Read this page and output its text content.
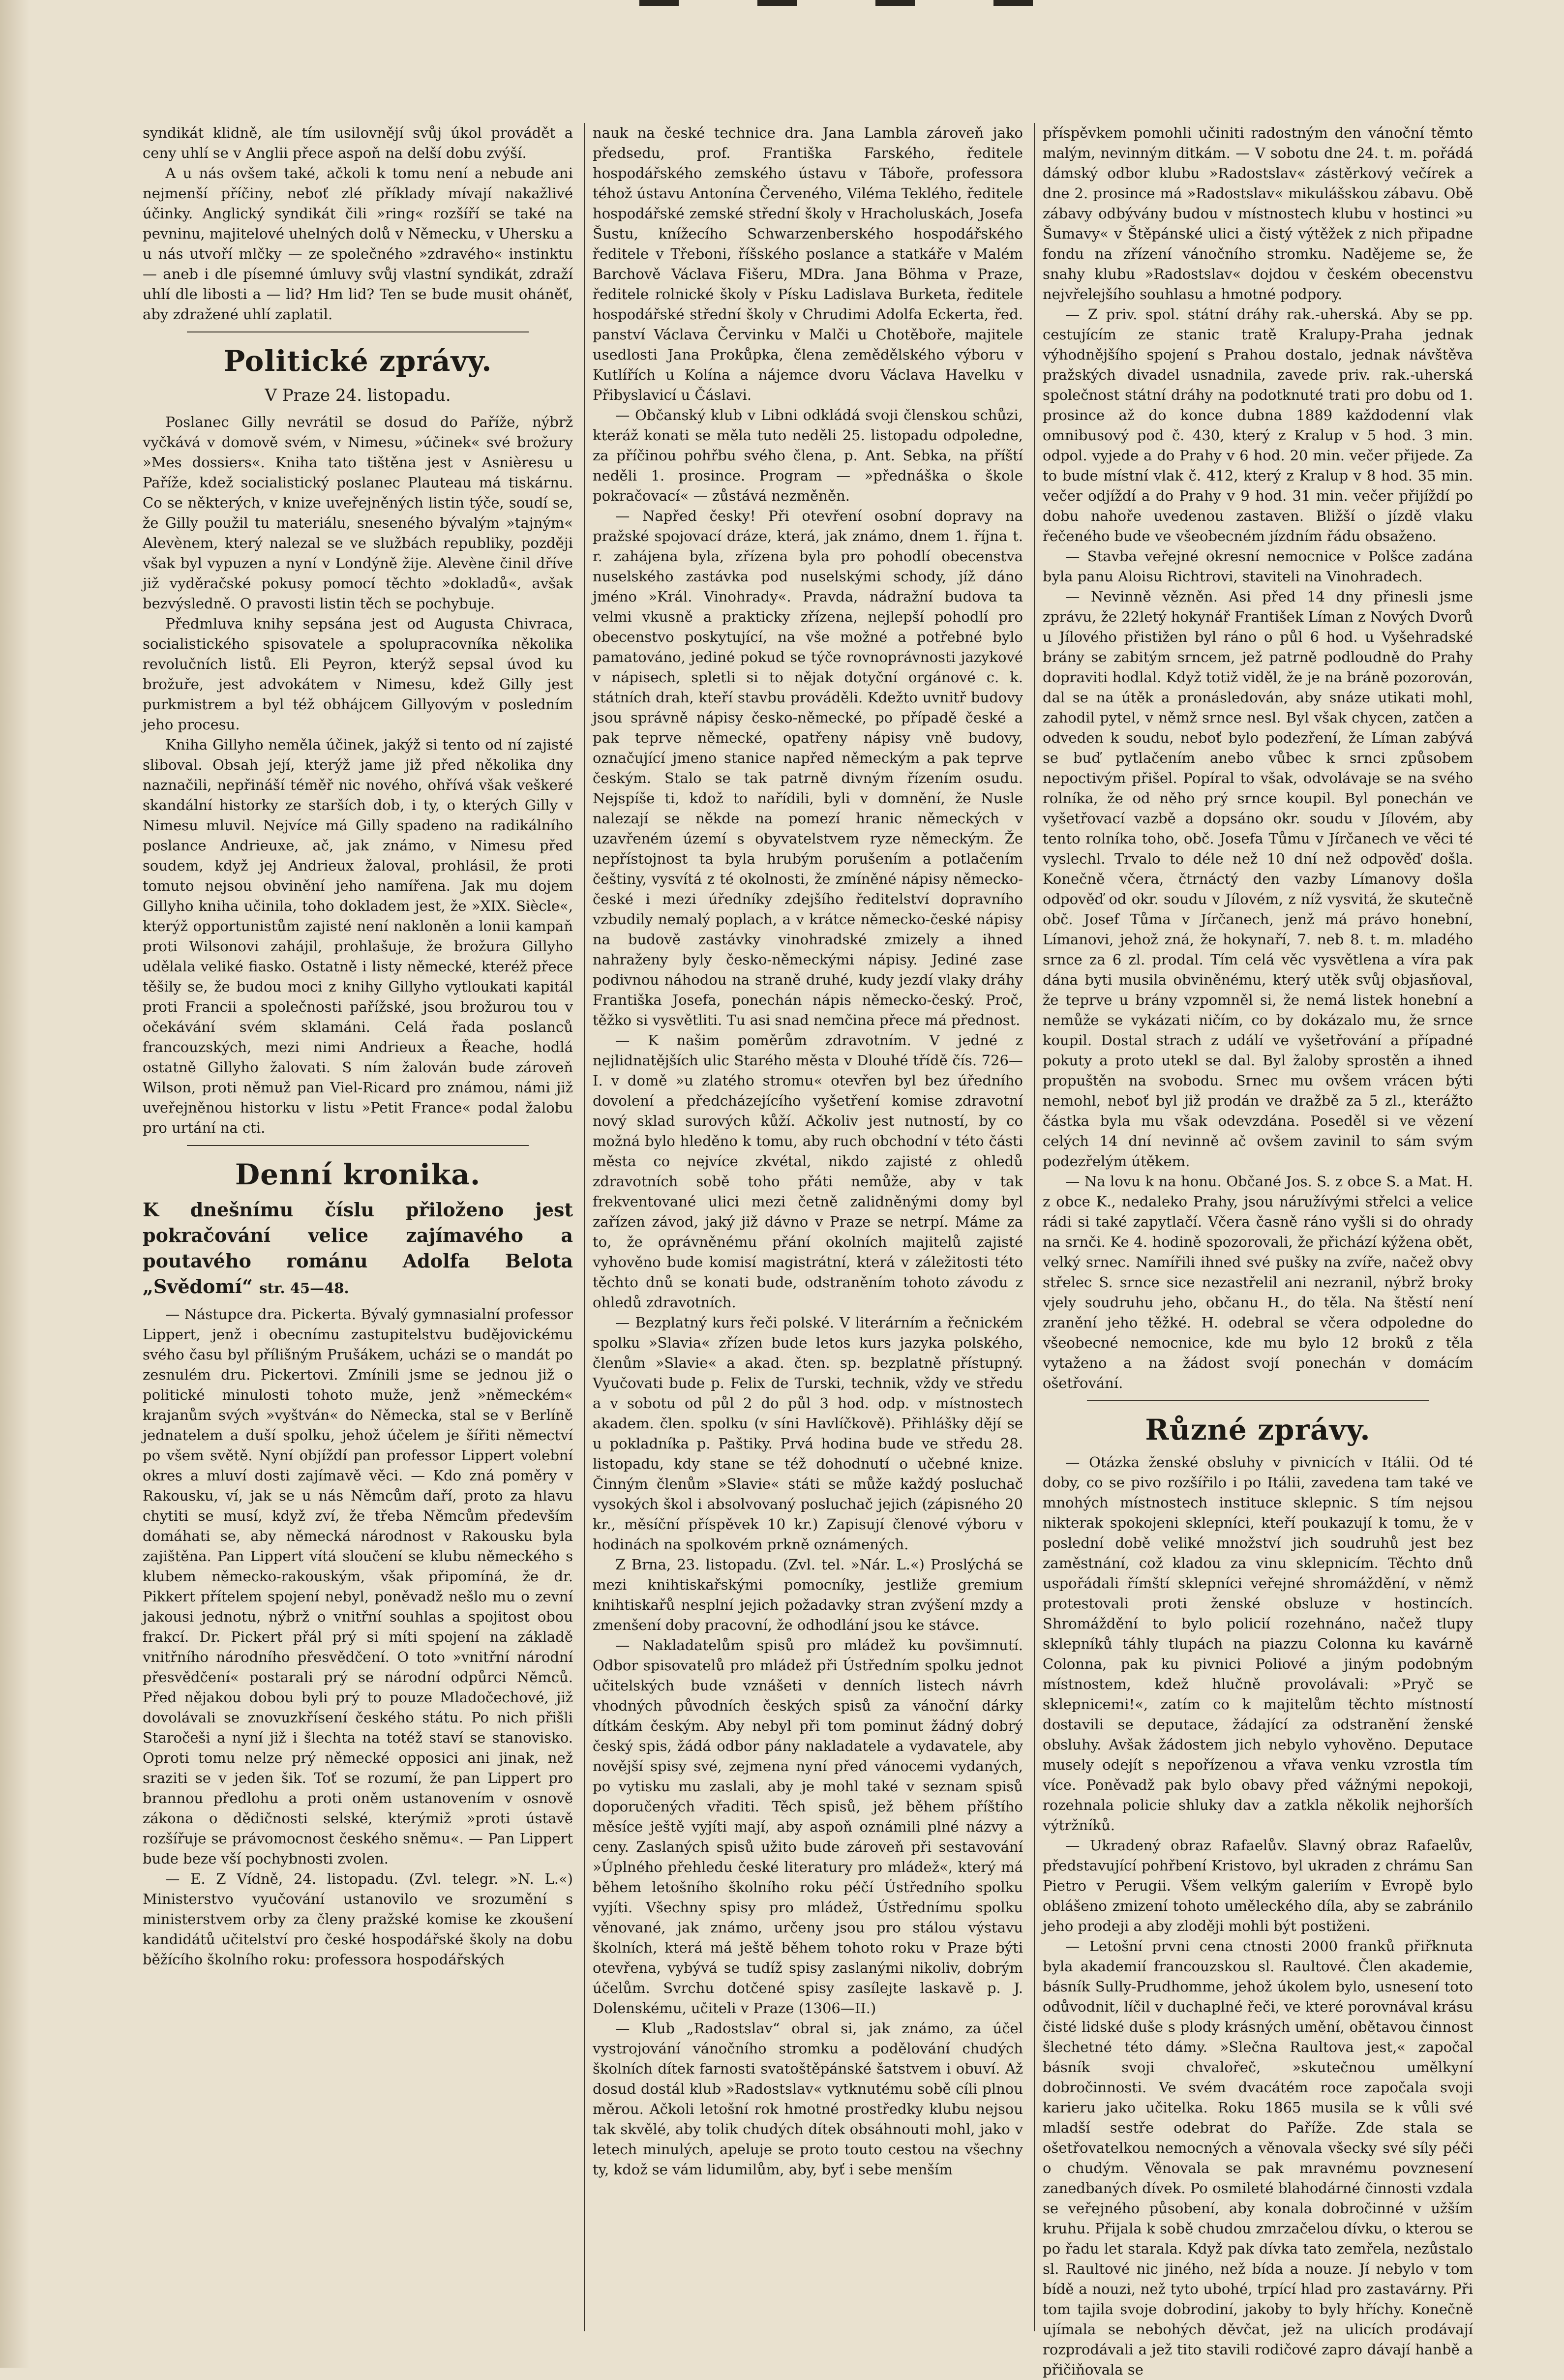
syndikát klidně, ale tím usilovnějí svůj úkol provádět a ceny uhlí se v Anglii přece aspoň na delší dobu zvýší.

A u nás ovšem také, ačkoli k tomu není a nebude ani nejmenší příčiny, neboť zlé příklady mívají nakažlivé účinky. Anglický syndikát čili »ring« rozšíří se také na pevninu, majitelové uhelných dolů v Německu, v Uhersku a u nás utvoří mlčky — ze společného »zdravého« instinktu — aneb i dle písemné úmluvy svůj vlastní syndikát, zdraží uhlí dle libosti a — lid? Hm lid? Ten se bude musit oháněť, aby zdražené uhlí zaplatil.

Politické zprávy.
V Praze 24. listopadu.

Poslanec Gilly nevrátil se dosud do Paříže, nýbrž vyčkává v domově svém, v Nimesu, »účinek« své brožury »Mes dossiers«. Kniha tato tištěna jest v Asnièresu u Paříže, kdež socialistický poslanec Plauteau má tiskárnu. Co se některých, v knize uveřejněných listin týče, soudí se, že Gilly použil tu materiálu, sneseného bývalým »tajným« Alevènem, který nalezal se ve službách republiky, později však byl vypuzen a nyní v Londýně žije. Alevène činil dříve již vyděračské pokusy pomocí těchto »dokladů«, avšak bezvýsledně. O pravosti listin těch se pochybuje.

Předmluva knihy sepsána jest od Augusta Chivraca, socialistického spisovatele a spolupracovníka několika revolučních listů. Eli Peyron, kterýž sepsal úvod ku brožuře, jest advokátem v Nimesu, kdež Gilly jest purkmistrem a byl též obhájcem Gillyovým v posledním jeho procesu.

Kniha Gillyho neměla účinek, jakýž si tento od ní zajisté sliboval. Obsah její, kterýž jame již před několika dny naznačili, nepřináší téměř nic nového, ohřívá však veškeré skandální historky ze starších dob, i ty, o kterých Gilly v Nimesu mluvil. Nejvíce má Gilly spadeno na radikálního poslance Andrieuxe, ač, jak známo, v Nimesu před soudem, když jej Andrieux žaloval, prohlásil, že proti tomuto nejsou obvinění jeho namířena. Jak mu dojem Gillyho kniha učinila, toho dokladem jest, že »XIX. Siècle«, kterýž opportunistům zajisté není nakloněn a lonii kampaň proti Wilsonovi zahájil, prohlašuje, že brožura Gillyho udělala veliké fiasko. Ostatně i listy německé, kteréž přece těšily se, že budou moci z knihy Gillyho vytloukati kapitál proti Francii a společnosti pařížské, jsou brožurou tou v očekávání svém sklamáni. Celá řada poslanců francouzských, mezi nimi Andrieux a Řeache, hodlá ostatně Gillyho žalovati. S ním žalován bude zároveň Wilson, proti němuž pan Viel-Ricard pro známou, námi již uveřejněnou historku v listu »Petit France« podal žalobu pro urtání na cti.

Denní kronika.
K dnešnímu číslu přiloženo jest pokračování velice zajímavého a poutavého románu Adolfa Belota „Svědomí“ str. 45—48.

— Nástupce dra. Pickerta. Bývalý gymnasialní professor Lippert, jenž i obecnímu zastupitelstvu budějovickému svého času byl přílišným Prušákem, ucházi se o mandát po zesnulém dru. Pickertovi. Zmínili jsme se jednou již o politické minulosti tohoto muže, jenž »německém« krajanům svých »vyštván« do Německa, stal se v Berlíně jednatelem a duší spolku, jehož účelem je šířiti němectví po všem světě. Nyní objíždí pan professor Lippert volební okres a mluví dosti zajímavě věci. — Kdo zná poměry v Rakousku, ví, jak se u nás Němcům daří, proto za hlavu chytiti se musí, když zví, že třeba Němcům především domáhati se, aby německá národnost v Rakousku byla zajištěna. Pan Lippert vítá sloučení se klubu německého s klubem německo-rakouským, však připomíná, že dr. Pikkert přítelem spojení nebyl, poněvadž nešlo mu o zevní jakousi jednotu, nýbrž o vnitřní souhlas a spojitost obou frakcí. Dr. Pickert přál prý si míti spojení na základě vnitřního národního přesvědčení. O toto »vnitřní národní přesvědčení« postarali prý se národní odpůrci Němců. Před nějakou dobou byli prý to pouze Mladočechové, již dovolávali se znovuzkřísení českého státu. Po nich přišli Staročeši a nyní již i šlechta na totéž staví se stanovisko. Oproti tomu nelze prý německé opposici ani jinak, než sraziti se v jeden šik. Toť se rozumí, že pan Lippert pro brannou předlohu a proti oněm ustanovením v osnově zákona o dědičnosti selské, kterýmiž »proti ústavě rozšířuje se právomocnost českého sněmu«. — Pan Lippert bude beze vší pochybnosti zvolen.

— E. Z Vídně, 24. listopadu. (Zvl. telegr. »N. L.«) Ministerstvo vyučování ustanovilo ve srozumění s ministerstvem orby za členy pražské komise ke zkoušení kandidátů učitelství pro české hospodářské školy na dobu běžícího školního roku: professora hospodářských

nauk na české technice dra. Jana Lambla zároveň jako předsedu, prof. Františka Farského, ředitele hospodářského zemského ústavu v Táboře, professora téhož ústavu Antonína Červeného, Viléma Teklého, ředitele hospodářské zemské střední školy v Hracholuskách, Josefa Šustu, knížecího Schwarzenberského hospodářského ředitele v Třeboni, říšského poslance a statkáře v Malém Barchově Václava Fišeru, MDra. Jana Böhma v Praze, ředitele rolnické školy v Písku Ladislava Burketa, ředitele hospodářské střední školy v Chrudimi Adolfa Eckerta, řed. panství Václava Červinku v Malči u Chotěboře, majitele usedlosti Jana Prokůpka, člena zemědělského výboru v Kutlířích u Kolína a nájemce dvoru Václava Havelku v Přibyslavicí u Čáslavi.

— Občanský klub v Libni odkládá svoji členskou schůzi, kteráž konati se měla tuto neděli 25. listopadu odpoledne, za příčinou pohřbu svého člena, p. Ant. Sebka, na příští neděli 1. prosince. Program — »přednáška o škole pokračovací« — zůstává nezměněn.

— Napřed česky! Při otevření osobní dopravy na pražské spojovací dráze, která, jak známo, dnem 1. října t. r. zahájena byla, zřízena byla pro pohodlí obecenstva nuselského zastávka pod nuselskými schody, jíž dáno jméno »Král. Vinohrady«. Pravda, nádražní budova ta velmi vkusně a prakticky zřízena, nejlepší pohodlí pro obecenstvo poskytující, na vše možné a potřebné bylo pamatováno, jediné pokud se týče rovnoprávnosti jazykové v nápisech, spletli si to nějak dotyční orgánové c. k. státních drah, kteří stavbu prováděli. Kdežto uvnitř budovy jsou správně nápisy česko-německé, po případě české a pak teprve německé, opatřeny nápisy vně budovy, označující jmeno stanice napřed německým a pak teprve českým. Stalo se tak patrně divným řízením osudu. Nejspíše ti, kdož to nařídili, byli v domnění, že Nusle nalezají se někde na pomezí hranic německých v uzavřeném území s obyvatelstvem ryze německým. Že nepřístojnost ta byla hrubým porušením a potlačením češtiny, vysvítá z té okolnosti, že zmíněné nápisy německo-české i mezi úředníky zdejšího ředitelství dopravního vzbudily nemalý poplach, a v krátce německo-české nápisy na budově zastávky vinohradské zmizely a ihned nahraženy byly česko-německými nápisy. Jediné zase podivnou náhodou na straně druhé, kudy jezdí vlaky dráhy Františka Josefa, ponechán nápis německo-český. Proč, těžko si vysvětliti. Tu asi snad nemčina přece má přednost.

— K našim poměrům zdravotním. V jedné z nejlidnatějších ulic Starého města v Dlouhé třídě čís. 726—I. v domě »u zlatého stromu« otevřen byl bez úředního dovolení a předcházejícího vyšetření komise zdravotní nový sklad surových kůží. Ačkoliv jest nutností, by co možná bylo hleděno k tomu, aby ruch obchodní v této části města co nejvíce zkvétal, nikdo zajisté z ohledů zdravotních sobě toho přáti nemůže, aby v tak frekventované ulici mezi četně zalidněnými domy byl zařízen závod, jaký již dávno v Praze se netrpí. Máme za to, že oprávněnému přání okolních majitelů zajisté vyhověno bude komisí magistrátní, která v záležitosti této těchto dnů se konati bude, odstraněním tohoto závodu z ohledů zdravotních.

— Bezplatný kurs řeči polské. V literárním a řečnickém spolku »Slavia« zřízen bude letos kurs jazyka polského, členům »Slavie« a akad. čten. sp. bezplatně přístupný. Vyučovati bude p. Felix de Turski, technik, vždy ve středu a v sobotu od půl 2 do půl 3 hod. odp. v místnostech akadem. člen. spolku (v síni Havlíčkově). Přihlášky dějí se u pokladníka p. Paštiky. Prvá hodina bude ve středu 28. listopadu, kdy stane se též dohodnutí o učebné knize. Činným členům »Slavie« státi se může každý posluchač vysokých škol i absolvovaný posluchač jejich (zápisného 20 kr., měsíční příspěvek 10 kr.) Zapisují členové výboru v hodinách na spolkovém prkně oznámených.

Z Brna, 23. listopadu. (Zvl. tel. »Nár. L.«) Proslýchá se mezi knihtiskařskými pomocníky, jestliže gremium knihtiskařů nesplní jejich požadavky stran zvýšení mzdy a zmenšení doby pracovní, že odhodlání jsou ke stávce.

— Nakladatelům spisů pro mládež ku povšimnutí. Odbor spisovatelů pro mládež při Ústředním spolku jednot učitelských bude vznášeti v denních listech návrh vhodných původních českých spisů za vánoční dárky dítkám českým. Aby nebyl při tom pominut žádný dobrý český spis, žádá odbor pány nakladatele a vydavatele, aby novější spisy své, zejmena nyní před vánocemi vydaných, po vytisku mu zaslali, aby je mohl také v seznam spisů doporučených vřaditi. Těch spisů, jež během příštího měsíce ještě vyjíti mají, aby aspoň oznámili plné názvy a ceny. Zaslaných spisů užito bude zároveň při sestavování »Úplného přehledu české literatury pro mládež«, který má během letošního školního roku péčí Ústředního spolku vyjíti. Všechny spisy pro mládež, Ústřednímu spolku věnované, jak známo, určeny jsou pro stálou výstavu školních, která má ještě během tohoto roku v Praze býti otevřena, vybývá se tudíž spisy zaslanými nikoliv, dobrým účelům. Svrchu dotčené spisy zasílejte laskavě p. J. Dolenskému, učiteli v Praze (1306—II.)

— Klub „Radostslav“ obral si, jak známo, za účel vystrojování vánočního stromku a podělování chudých školních dítek farnosti svatoštěpánské šatstvem i obuví. Až dosud dostál klub »Radostslav« vytknutému sobě cíli plnou měrou. Ačkoli letošní rok hmotné prostředky klubu nejsou tak skvělé, aby tolik chudých dítek obsáhnouti mohl, jako v letech minulých, apeluje se proto touto cestou na všechny ty, kdož se vám lidumilům, aby, byť i sebe menším

příspěvkem pomohli učiniti radostným den vánoční těmto malým, nevinným ditkám. — V sobotu dne 24. t. m. pořádá dámský odbor klubu »Radostslav« zástěrkový večírek a dne 2. prosince má »Radostslav« mikulášskou zábavu. Obě zábavy odbývány budou v místnostech klubu v hostinci »u Šumavy« v Štěpánské ulici a čistý výtěžek z nich připadne fondu na zřízení vánočního stromku. Nadějeme se, že snahy klubu »Radostslav« dojdou v českém obecenstvu nejvřelejšího souhlasu a hmotné podpory.

— Z priv. spol. státní dráhy rak.-uherská. Aby se pp. cestujícím ze stanic tratě Kralupy-Praha jednak výhodnějšího spojení s Prahou dostalo, jednak návštěva pražských divadel usnadnila, zavede priv. rak.-uherská společnost státní dráhy na podotknuté trati pro dobu od 1. prosince až do konce dubna 1889 každodenní vlak omnibusový pod č. 430, který z Kralup v 5 hod. 3 min. odpol. vyjede a do Prahy v 6 hod. 20 min. večer přijede. Za to bude místní vlak č. 412, který z Kralup v 8 hod. 35 min. večer odjíždí a do Prahy v 9 hod. 31 min. večer přijíždí po dobu nahoře uvedenou zastaven. Bližší o jízdě vlaku řečeného bude ve všeobecném jízdním řádu obsaženo.

— Stavba veřejné okresní nemocnice v Polšce zadána byla panu Aloisu Richtrovi, staviteli na Vinohradech.

— Nevinně vězněn. Asi před 14 dny přinesli jsme zprávu, že 22letý hokynář František Líman z Nových Dvorů u Jílového přistižen byl ráno o půl 6 hod. u Vyšehradské brány se zabitým srncem, jež patrně podloudně do Prahy dopraviti hodlal. Když totiž viděl, že je na bráně pozorován, dal se na útěk a pronásledován, aby snáze utikati mohl, zahodil pytel, v němž srnce nesl. Byl však chycen, zatčen a odveden k soudu, neboť bylo podezření, že Líman zabývá se buď pytlačením anebo vůbec k srnci způsobem nepoctivým přišel. Popíral to však, odvolávaje se na svého rolníka, že od něho prý srnce koupil. Byl ponechán ve vyšetřovací vazbě a dopsáno okr. soudu v Jílovém, aby tento rolníka toho, obč. Josefa Tůmu v Jírčanech ve věci té vyslechl. Trvalo to déle než 10 dní než odpověď došla. Konečně včera, čtrnáctý den vazby Límanovy došla odpověď od okr. soudu v Jílovém, z níž vysvitá, že skutečně obč. Josef Tůma v Jírčanech, jenž má právo honební, Límanovi, jehož zná, že hokynaří, 7. neb 8. t. m. mladého srnce za 6 zl. prodal. Tím celá věc vysvětlena a víra pak dána byti musila obviněnému, který utěk svůj objasňoval, že teprve u brány vzpomněl si, že nemá listek honební a nemůže se vykázati ničím, co by dokázalo mu, že srnce koupil. Dostal strach z událí ve vyšetřování a případné pokuty a proto utekl se dal. Byl žaloby sprostěn a ihned propuštěn na svobodu. Srnec mu ovšem vrácen býti nemohl, neboť byl již prodán ve dražbě za 5 zl., kterážto částka byla mu však odevzdána. Poseděl si ve vězení celých 14 dní nevinně ač ovšem zavinil to sám svým podezřelým útěkem.

— Na lovu k na honu. Občané Jos. S. z obce S. a Mat. H. z obce K., nedaleko Prahy, jsou náružívými střelci a velice rádi si také zapytlačí. Včera časně ráno vyšli si do ohrady na srnči. Ke 4. hodině spozorovali, že přichází kýžena obět, velký srnec. Namířili ihned své pušky na zvíře, načež obvy střelec S. srnce sice nezastřelil ani nezranil, nýbrž broky vjely soudruhu jeho, občanu H., do těla. Na štěstí není zranění jeho těžké. H. odebral se včera odpoledne do všeobecné nemocnice, kde mu bylo 12 broků z těla vytaženo a na žádost svojí ponechán v domácím ošetřování.

Různé zprávy.

— Otázka ženské obsluhy v pivnicích v Itálii. Od té doby, co se pivo rozšířilo i po Itálii, zavedena tam také ve mnohých místnostech instituce sklepnic. S tím nejsou nikterak spokojeni sklepníci, kteří poukazují k tomu, že v poslední době veliké množství jich soudruhů jest bez zaměstnání, což kladou za vinu sklepnicím. Těchto dnů uspořádali římští sklepníci veřejné shromáždění, v němž protestovali proti ženské obsluze v hostincích. Shromáždění to bylo policií rozehnáno, načež tlupy sklepníků táhly tlupách na piazzu Colonna ku kavárně Colonna, pak ku pivnici Poliové a jiným podobným místnostem, kdež hlučně provolávali: »Pryč se sklepnicemi!«, zatím co k majitelům těchto místností dostavili se deputace, žádající za odstranění ženské obsluhy. Avšak žádostem jich nebylo vyhověno. Deputace musely odejít s nepořízenou a vřava venku vzrostla tím více. Poněvadž pak bylo obavy před vážnými nepokoji, rozehnala policie shluky dav a zatkla několik nejhorších výtržníků.

— Ukradený obraz Rafaelův. Slavný obraz Rafaelův, představující pohřbení Kristovo, byl ukraden z chrámu San Pietro v Perugii. Všem velkým galeriím v Evropě bylo oblášeno zmizení tohoto uměleckého díla, aby se zabránilo jeho prodeji a aby zloději mohli být postiženi.

— Letošní prvni cena ctnosti 2000 franků přiřknuta byla akademií francouzskou sl. Raultové. Člen akademie, básník Sully-Prudhomme, jehož úkolem bylo, usnesení toto odůvodnit, líčil v duchaplné řeči, ve které porovnával krásu čisté lidské duše s plody krásných umění, obětavou činnost šlechetné této dámy. »Slečna Raultova jest,« započal básník svoji chvalořeč, »skutečnou umělkyní dobročinnosti. Ve svém dvacátém roce započala svoji karieru jako učitelka. Roku 1865 musila se k vůli své mladší sestře odebrat do Paříže. Zde stala se ošetřovatelkou nemocných a věnovala všecky své síly péči o chudým. Věnovala se pak mravnému povznesení zanedbaných dívek. Po osmileté blahodárné činnosti vzdala se veřejného působení, aby konala dobročinné v užším kruhu. Přijala k sobě chudou zmrzačelou dívku, o kterou se po řadu let starala. Když pak dívka tato zemřela, nezůstalo sl. Raultové nic jiného, než bída a nouze. Jí nebylo v tom bídě a nouzi, než tyto ubohé, trpící hlad pro zastavárny. Při tom tajila svoje dobrodiní, jakoby to byly hříchy. Konečně ujímala se nebohých děvčat, jež na ulicích prodávají rozprodávali a jež tito stavili rodičové zapro dávají hanbě a přičiňovala se
